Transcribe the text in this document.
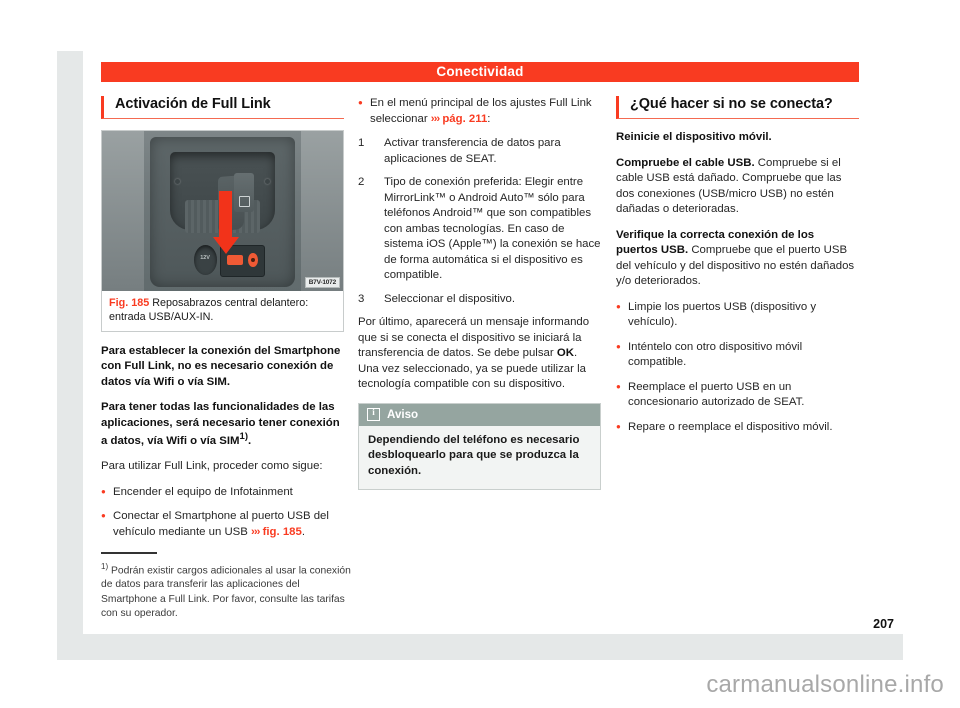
Conectividad
Activación de Full Link
12V
B7V-1072
Fig. 185 Reposabrazos central delantero: entrada USB/AUX-IN.

Para establecer la conexión del Smartphone con Full Link, no es necesario conexión de datos vía Wifi o vía SIM.

Para tener todas las funcionalidades de las aplicaciones, será necesario tener conexión a datos, vía Wifi o vía SIM$^{1)}$.

Para utilizar Full Link, proceder como sigue:

● Encender el equipo de Infotainment
● Conectar el Smartphone al puerto USB del vehículo mediante un USB ››› fig. 185.
● En el menú principal de los ajustes Full Link seleccionar ››› pág. 211:
1	Activar transferencia de datos para aplicaciones de SEAT.
2	Tipo de conexión preferida: Elegir entre MirrorLink™ o Android Auto™ sólo para teléfonos Android™ que son compatibles con ambas tecnologías. En caso de sistema iOS (Apple™) la conexión se hace de forma automática si el dispositivo es compatible.
3	Seleccionar el dispositivo.

Por último, aparecerá un mensaje informando que si se conecta el dispositivo se iniciará la transferencia de datos. Se debe pulsar OK. Una vez seleccionado, ya se puede utilizar la tecnología compatible con su dispositivo.

i
Aviso
Dependiendo del teléfono es necesario desbloquearlo para que se produzca la conexión.
¿Qué hacer si no se conecta?

Reinicie el dispositivo móvil.

Compruebe el cable USB. Compruebe si el cable USB está dañado. Compruebe que las dos conexiones (USB/micro USB) no estén dañadas o deterioradas.

Verifique la correcta conexión de los puertos USB. Compruebe que el puerto USB del vehículo y del dispositivo no estén dañados y/o deteriorados.

● Limpie los puertos USB (dispositivo y vehículo).
● Inténtelo con otro dispositivo móvil compatible.
● Reemplace el puerto USB en un concesionario autorizado de SEAT.
● Repare o reemplace el dispositivo móvil.
$^{1)}$ Podrán existir cargos adicionales al usar la conexión de datos para transferir las aplicaciones del Smartphone a Full Link. Por favor, consulte las tarifas con su operador.
207
carmanualsonline.info
